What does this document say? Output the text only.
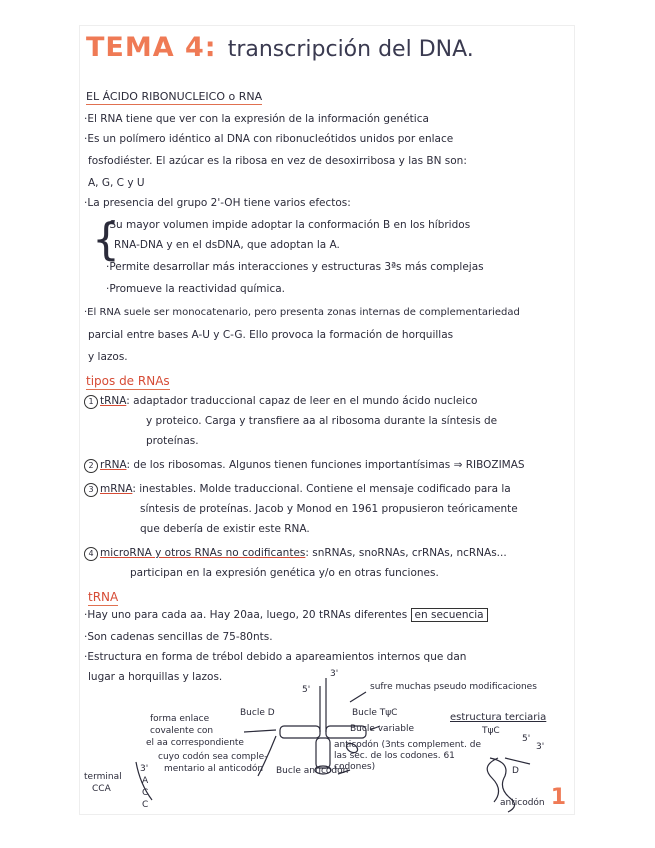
TEMA 4: transcripción del DNA.

EL ÁCIDO RIBONUCLEICO o RNA

·El RNA tiene que ver con la expresión de la información genética

·Es un polímero idéntico al DNA con ribonucleótidos unidos por enlace

fosfodiéster. El azúcar es la ribosa en vez de desoxirribosa y las BN son:

A, G, C y U

·La presencia del grupo 2'-OH tiene varios efectos:

{

·Su mayor volumen impide adoptar la conformación B en los híbridos

RNA-DNA y en el dsDNA, que adoptan la A.

·Permite desarrollar más interacciones y estructuras 3ªs más complejas

·Promueve la reactividad química.

·El RNA suele ser monocatenario, pero presenta zonas internas de complementariedad

parcial entre bases A-U y C-G. Ello provoca la formación de horquillas

y lazos.

tipos de RNAs

1 tRNA: adaptador traduccional capaz de leer en el mundo ácido nucleico

y proteico. Carga y transfiere aa al ribosoma durante la síntesis de

proteínas.

2 rRNA: de los ribosomas. Algunos tienen funciones importantísimas ⇒ RIBOZIMAS

3 mRNA: inestables. Molde traduccional. Contiene el mensaje codificado para la

síntesis de proteínas. Jacob y Monod en 1961 propusieron teóricamente

que debería de existir este RNA.

4 microRNA y otros RNAs no codificantes: snRNAs, snoRNAs, crRNAs, ncRNAs...

participan en la expresión genética y/o en otras funciones.

tRNA

·Hay uno para cada aa. Hay 20aa, luego, 20 tRNAs diferentes en secuencia

·Son cadenas sencillas de 75-80nts.

·Estructura en forma de trébol debido a apareamientos internos que dan

lugar a horquillas y lazos.

5'
3'
sufre muchas pseudo modificaciones
Bucle D	Bucle TψC
Bucle variable
anticodón (3nts complement. de las sec. de los codones. 61 codones)
Bucle anticodón
forma enlace
covalente con
el aa correspondiente
cuyo codón sea comple-
mentario al anticodón
terminal
CCA
3'
A
C
C
estructura terciaria
TψC
5'
3'
D
anticodón 1
